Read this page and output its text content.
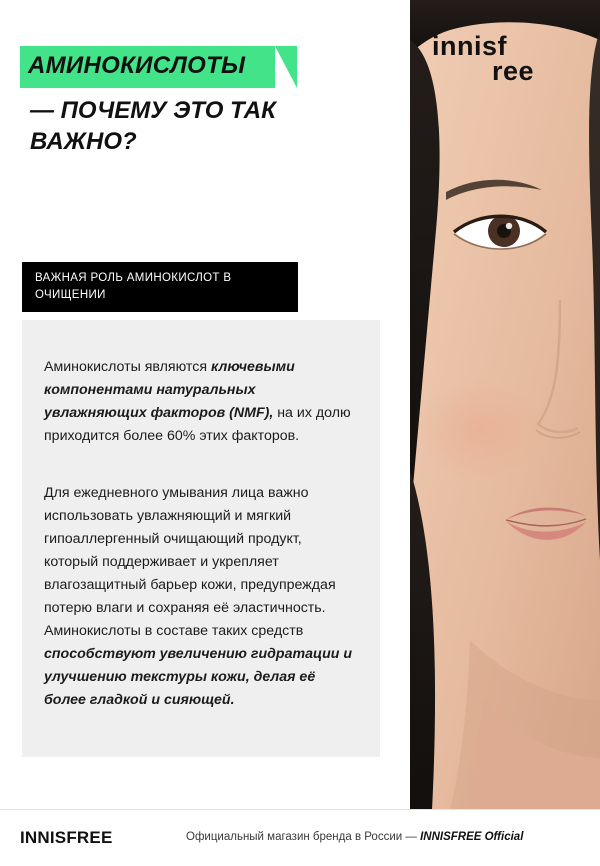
innisf
ree
АМИНОКИСЛОТЫ
— ПОЧЕМУ ЭТО ТАК ВАЖНО?
ВАЖНАЯ РОЛЬ АМИНОКИСЛОТ В ОЧИЩЕНИИ

Аминокислоты являются ключевыми компонентами натуральных увлажняющих факторов (NMF), на их долю приходится более 60% этих факторов.

Для ежедневного умывания лица важно использовать увлажняющий и мягкий гипоаллергенный очищающий продукт, который поддерживает и укрепляет влагозащитный барьер кожи, предупреждая потерю влаги и сохраняя её эластичность. Аминокислоты в составе таких средств способствуют увеличению гидратации и улучшению текстуры кожи, делая её более гладкой и сияющей.

INNISFREE	Официальный магазин бренда в России — INNISFREE Official
